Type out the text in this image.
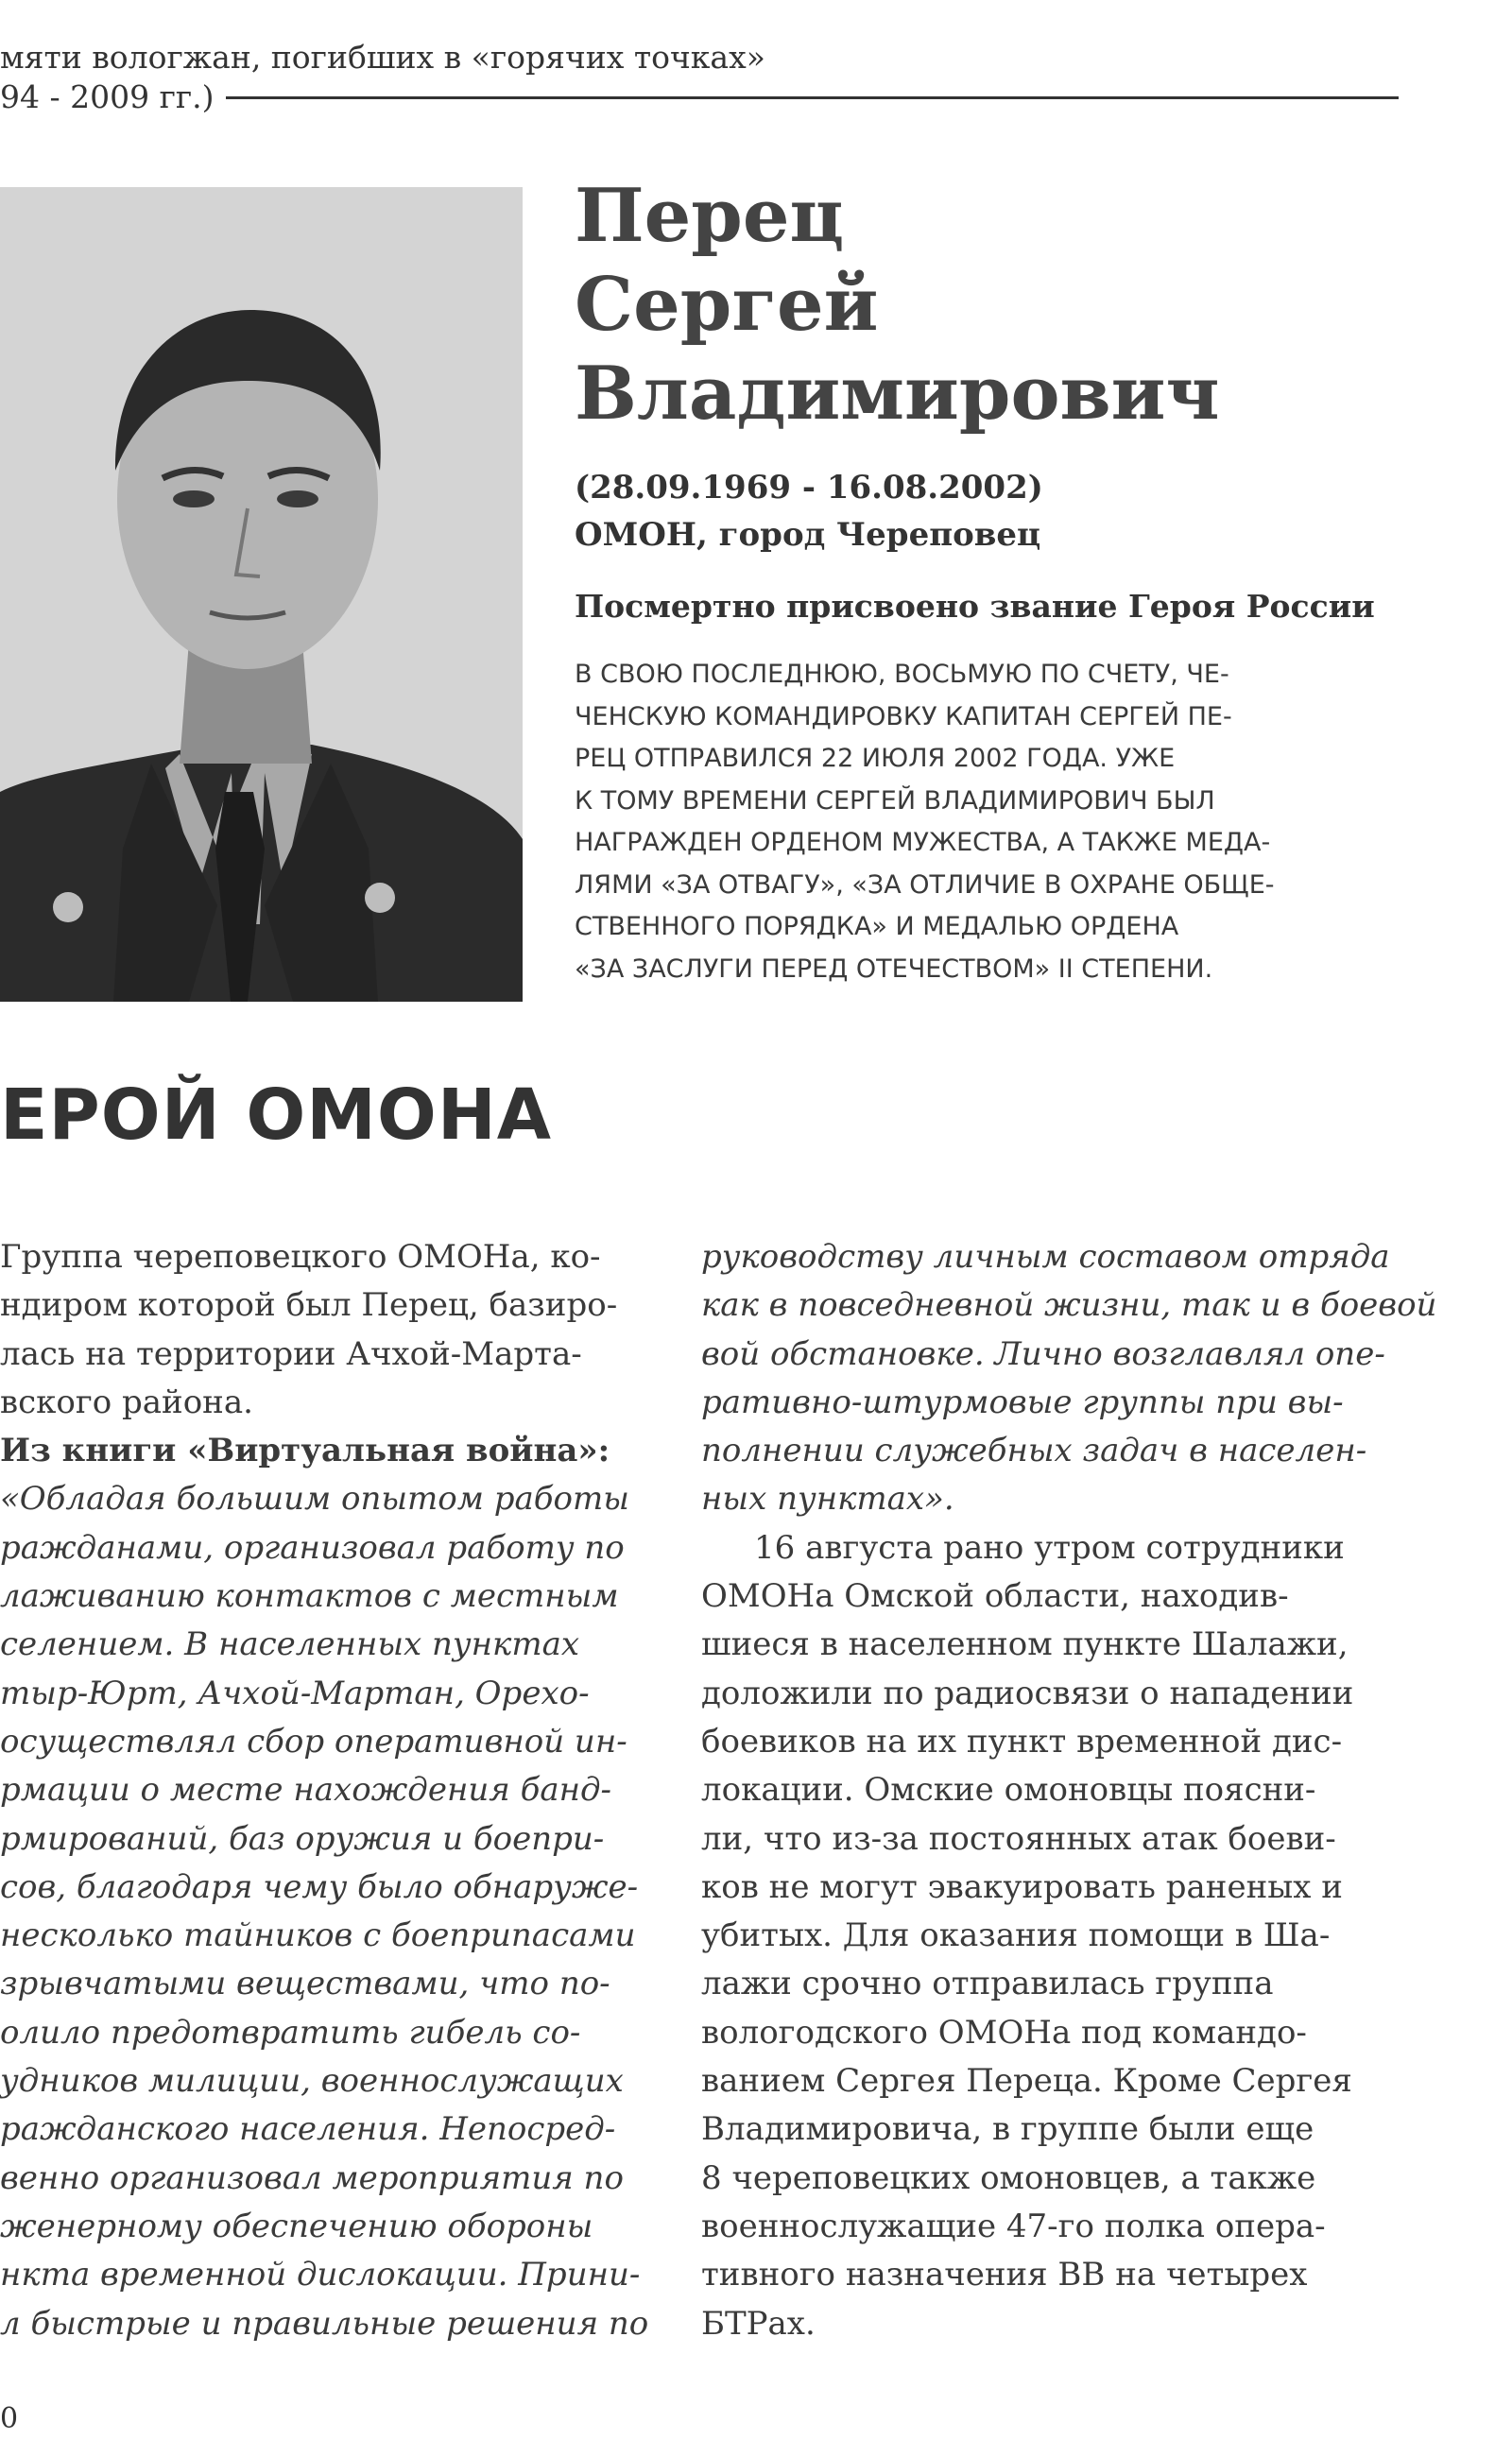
мяти вологжан, погибших в «горячих точках»
94 - 2009 гг.)
Перец
Сергей
Владимирович
(28.09.1969 - 16.08.2002)
ОМОН, город Череповец
Посмертно присвоено звание Героя России
В СВОЮ ПОСЛЕДНЮЮ, ВОСЬМУЮ ПО СЧЕТУ, ЧЕ-
ЧЕНСКУЮ КОМАНДИРОВКУ КАПИТАН СЕРГЕЙ ПЕ-
РЕЦ ОТПРАВИЛСЯ 22 ИЮЛЯ 2002 ГОДА. УЖЕ
К ТОМУ ВРЕМЕНИ СЕРГЕЙ ВЛАДИМИРОВИЧ БЫЛ
НАГРАЖДЕН ОРДЕНОМ МУЖЕСТВА, А ТАКЖЕ МЕДА-
ЛЯМИ «ЗА ОТВАГУ», «ЗА ОТЛИЧИЕ В ОХРАНЕ ОБЩЕ-
СТВЕННОГО ПОРЯДКА» И МЕДАЛЬЮ ОРДЕНА
«ЗА ЗАСЛУГИ ПЕРЕД ОТЕЧЕСТВОМ» II СТЕПЕНИ.
ЕРОЙ ОМОНА
Группа череповецкого ОМОНа, ко-
ндиром которой был Перец, базиро-
лась на территории Ачхой-Марта-
вского района.
Из книги «Виртуальная война»:
«Обладая большим опытом работы
ражданами, организовал работу по
лаживанию контактов с местным
селением. В населенных пунктах
тыр-Юрт, Ачхой-Мартан, Орехо-
осуществлял сбор оперативной ин-
рмации о месте нахождения банд-
рмирований, баз оружия и боепри-
сов, благодаря чему было обнаруже-
несколько тайников с боеприпасами
зрывчатыми веществами, что по-
олило предотвратить гибель со-
удников милиции, военнослужащих
ражданского населения. Непосред-
венно организовал мероприятия по
женерному обеспечению обороны
нкта временной дислокации. Прини-
л быстрые и правильные решения по
руководству личным составом отряда
как в повседневной жизни, так и в боевой
вой обстановке. Лично возглавлял опе-
ративно-штурмовые группы при вы-
полнении служебных задач в населен-
ных пунктах».
16 августа рано утром сотрудники
ОМОНа Омской области, находив-
шиеся в населенном пункте Шалажи,
доложили по радиосвязи о нападении
боевиков на их пункт временной дис-
локации. Омские омоновцы поясни-
ли, что из-за постоянных атак боеви-
ков не могут эвакуировать раненых и
убитых. Для оказания помощи в Ша-
лажи срочно отправилась группа
вологодского ОМОНа под командо-
ванием Сергея Переца. Кроме Сергея
Владимировича, в группе были еще
8 череповецких омоновцев, а также
военнослужащие 47-го полка опера-
тивного назначения ВВ на четырех
БТРах.
0
